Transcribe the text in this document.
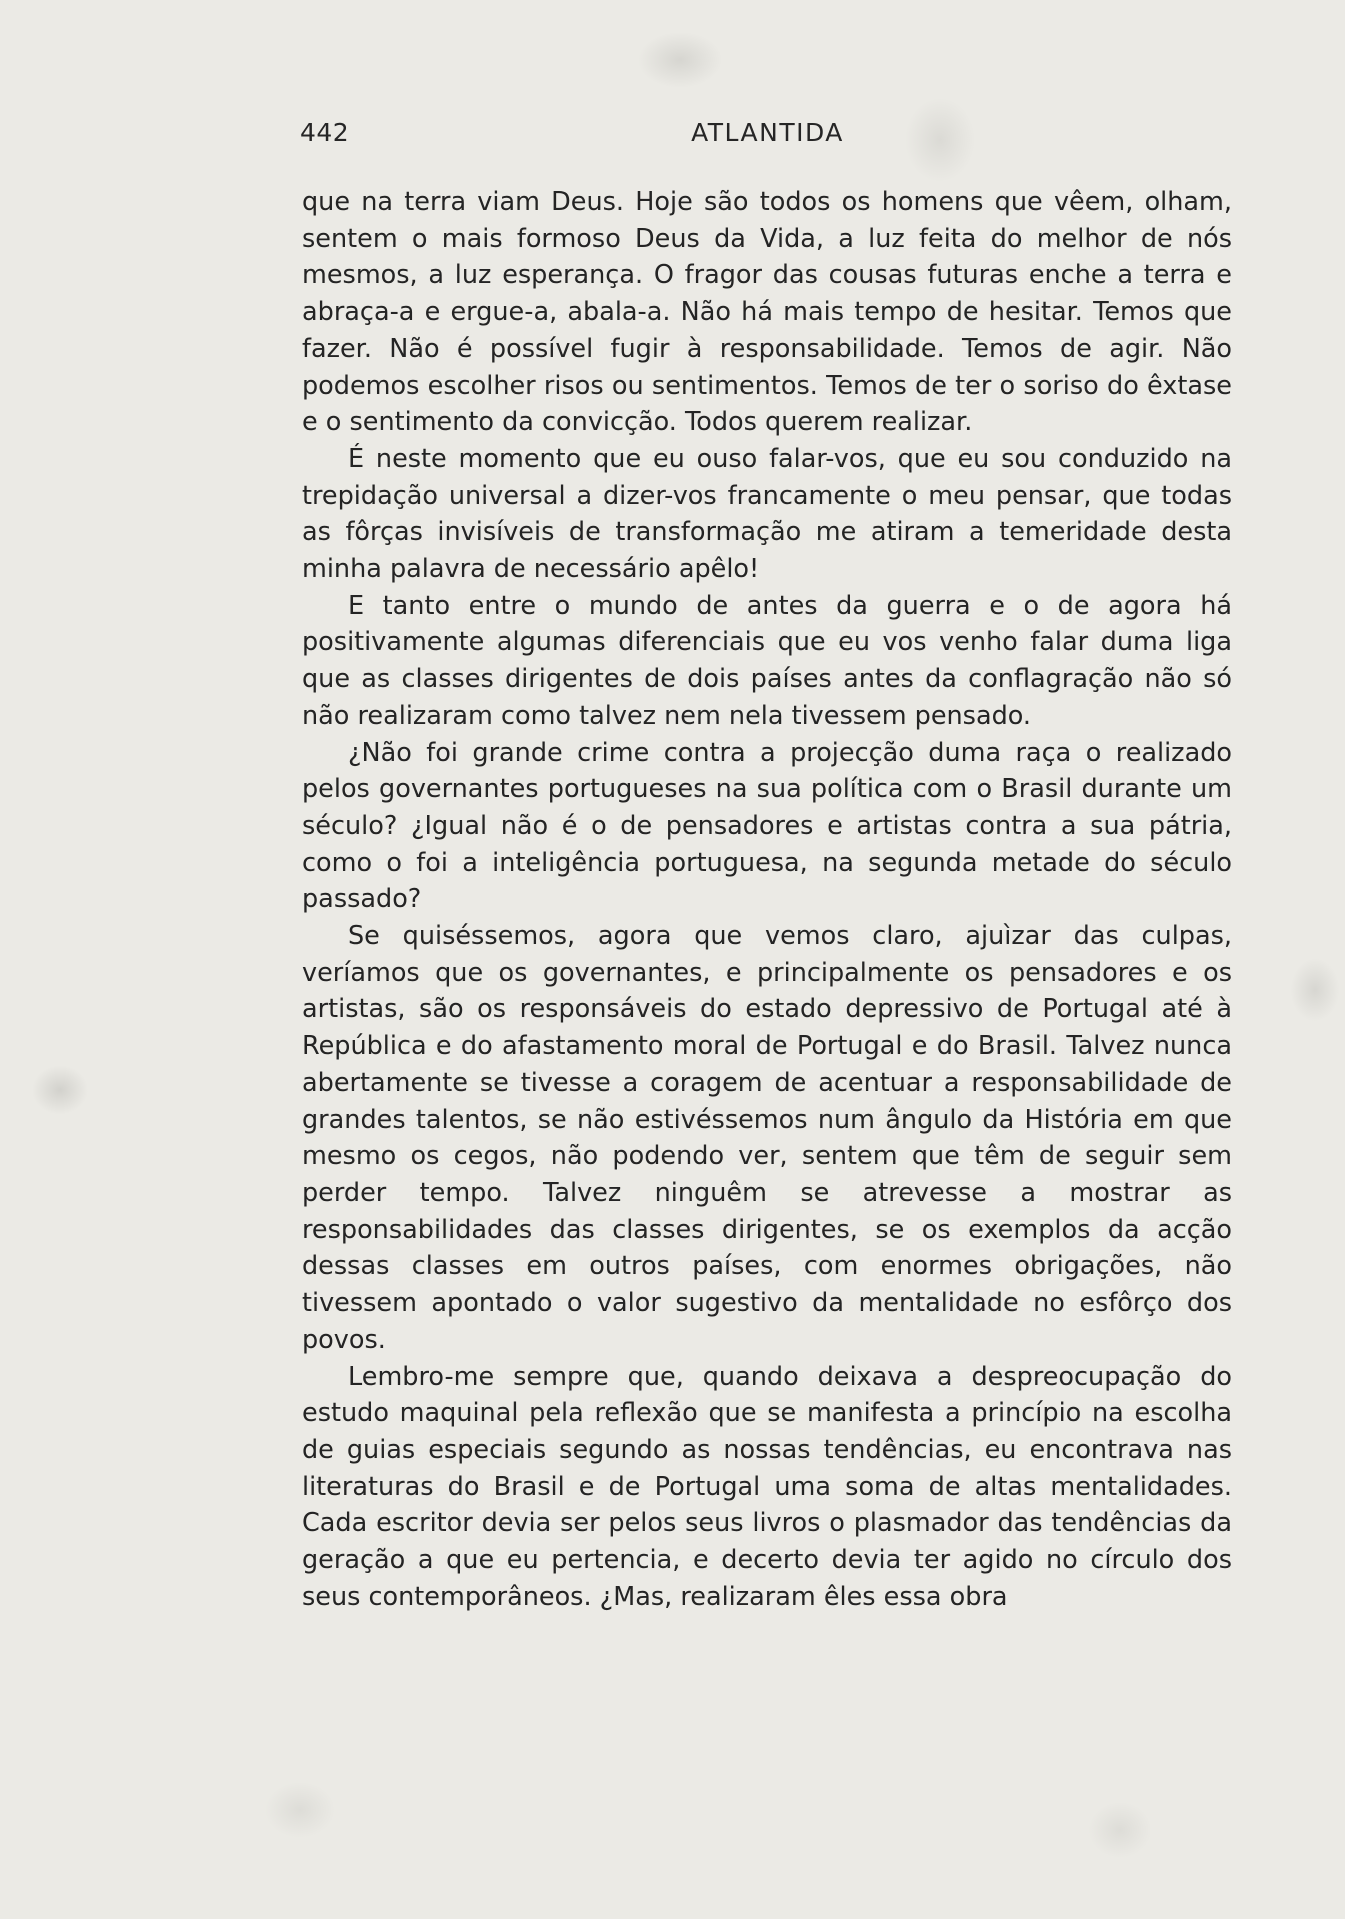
442	ATLANTIDA

que na terra viam Deus. Hoje são todos os homens que vêem, olham, sentem o mais formoso Deus da Vida, a luz feita do melhor de nós mesmos, a luz esperança. O fragor das cousas futuras enche a terra e abraça-a e ergue-a, abala-a. Não há mais tempo de hesitar. Temos que fazer. Não é possível fugir à responsabilidade. Temos de agir. Não podemos escolher risos ou sentimentos. Temos de ter o soriso do êxtase e o sentimento da convicção. Todos querem realizar.

É neste momento que eu ouso falar-vos, que eu sou conduzido na trepidação universal a dizer-vos francamente o meu pensar, que todas as fôrças invisíveis de transformação me atiram a temeridade desta minha palavra de necessário apêlo!

E tanto entre o mundo de antes da guerra e o de agora há positivamente algumas diferenciais que eu vos venho falar duma liga que as classes dirigentes de dois países antes da conflagração não só não realizaram como talvez nem nela tivessem pensado.

¿Não foi grande crime contra a projecção duma raça o realizado pelos governantes portugueses na sua política com o Brasil durante um século? ¿Igual não é o de pensadores e artistas contra a sua pátria, como o foi a inteligência portuguesa, na segunda metade do século passado?

Se quiséssemos, agora que vemos claro, ajuìzar das culpas, veríamos que os governantes, e principalmente os pensadores e os artistas, são os responsáveis do estado depressivo de Portugal até à República e do afastamento moral de Portugal e do Brasil. Talvez nunca abertamente se tivesse a coragem de acentuar a responsabilidade de grandes talentos, se não estivéssemos num ângulo da História em que mesmo os cegos, não podendo ver, sentem que têm de seguir sem perder tempo. Talvez ninguêm se atrevesse a mostrar as responsabilidades das classes dirigentes, se os exemplos da acção dessas classes em outros países, com enormes obrigações, não tivessem apontado o valor sugestivo da mentalidade no esfôrço dos povos.

Lembro-me sempre que, quando deixava a despreocupação do estudo maquinal pela reflexão que se manifesta a princípio na escolha de guias especiais segundo as nossas tendências, eu encontrava nas literaturas do Brasil e de Portugal uma soma de altas mentalidades. Cada escritor devia ser pelos seus livros o plasmador das tendências da geração a que eu pertencia, e decerto devia ter agido no círculo dos seus contemporâneos. ¿Mas, realizaram êles essa obra
